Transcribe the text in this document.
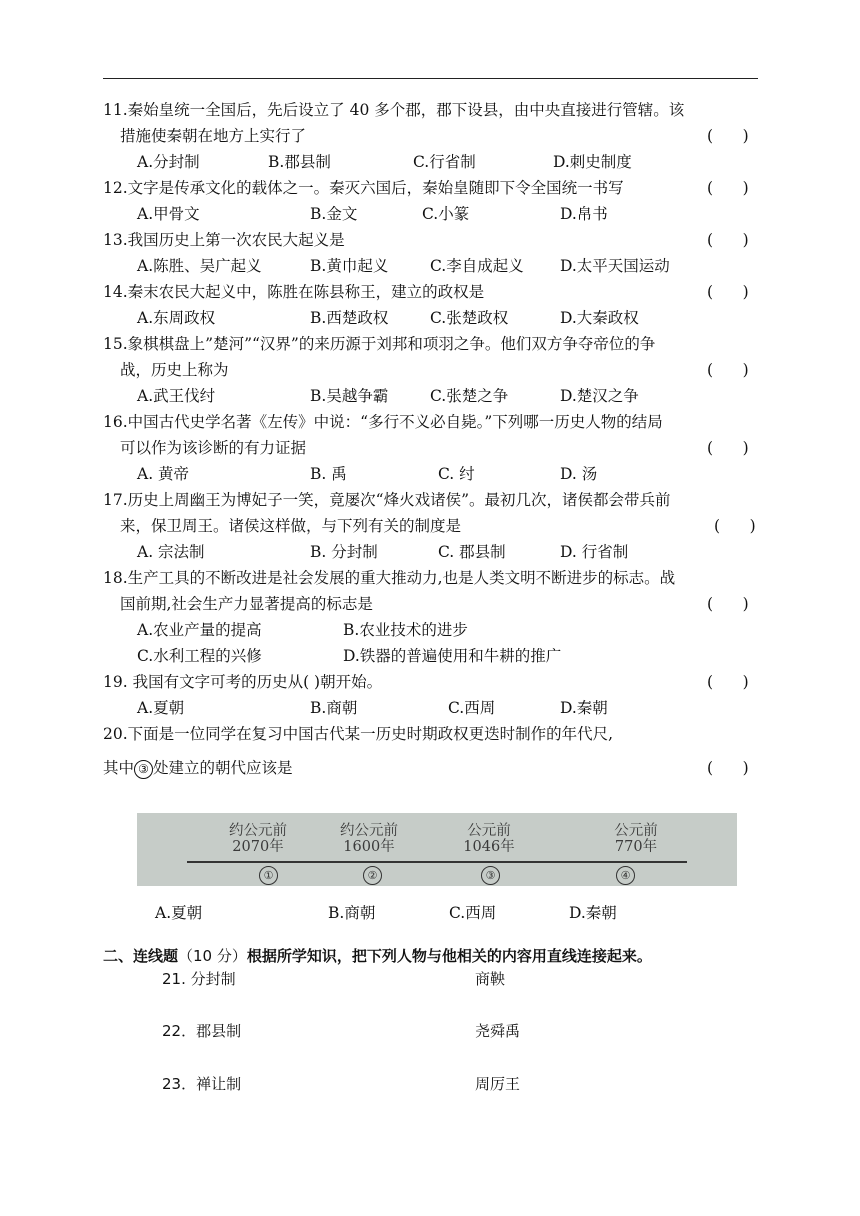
11.秦始皇统一全国后，先后设立了 40 多个郡，郡下设县，由中央直接进行管辖。该
措施使秦朝在地方上实行了	(      )
A.分封制	B.郡县制	C.行省制	D.刺史制度
12.文字是传承文化的载体之一。秦灭六国后，秦始皇随即下令全国统一书写	(      )
A.甲骨文	B.金文	C.小篆	D.帛书
13.我国历史上第一次农民大起义是	(      )
A.陈胜、吴广起义	B.黄巾起义	C.李自成起义 D.太平天国运动
14.秦末农民大起义中，陈胜在陈县称王，建立的政权是	(      )
A.东周政权	B.西楚政权	C.张楚政权	D.大秦政权
15.象棋棋盘上”楚河”“汉界”的来历源于刘邦和项羽之争。他们双方争夺帝位的争
战，历史上称为	(      )
A.武王伐纣	B.吴越争霸	C.张楚之争	D.楚汉之争
16.中国古代史学名著《左传》中说：“多行不义必自毙。”下列哪一历史人物的结局
可以作为该诊断的有力证据	(      )
A. 黄帝	B. 禹	C. 纣	D. 汤
17.历史上周幽王为博妃子一笑，竟屡次“烽火戏诸侯”。最初几次，诸侯都会带兵前
来，保卫周王。诸侯这样做，与下列有关的制度是	(      )
A. 宗法制	B. 分封制	C. 郡县制	D. 行省制
18.生产工具的不断改进是社会发展的重大推动力,也是人类文明不断进步的标志。战
国前期,社会生产力显著提高的标志是	(      )
A.农业产量的提高	B.农业技术的进步
C.水利工程的兴修	D.铁器的普遍使用和牛耕的推广
19. 我国有文字可考的历史从( )朝开始。	(      )
A.夏朝	B.商朝	C.西周	D.秦朝
20.下面是一位同学在复习中国古代某一历史时期政权更迭时制作的年代尺,
其中 ③ 处建立的朝代应该是	(      )
约公元前
2070年
约公元前
1600年
公元前
1046年
公元前
770年
①	②	③	④
A.夏朝	B.商朝	C.西周	D.秦朝
二、连线题（10 分）根据所学知识，把下列人物与他相关的内容用直线连接起来。
21. 分封制	商鞅
22．郡县制	尧舜禹
23．禅让制	周厉王
